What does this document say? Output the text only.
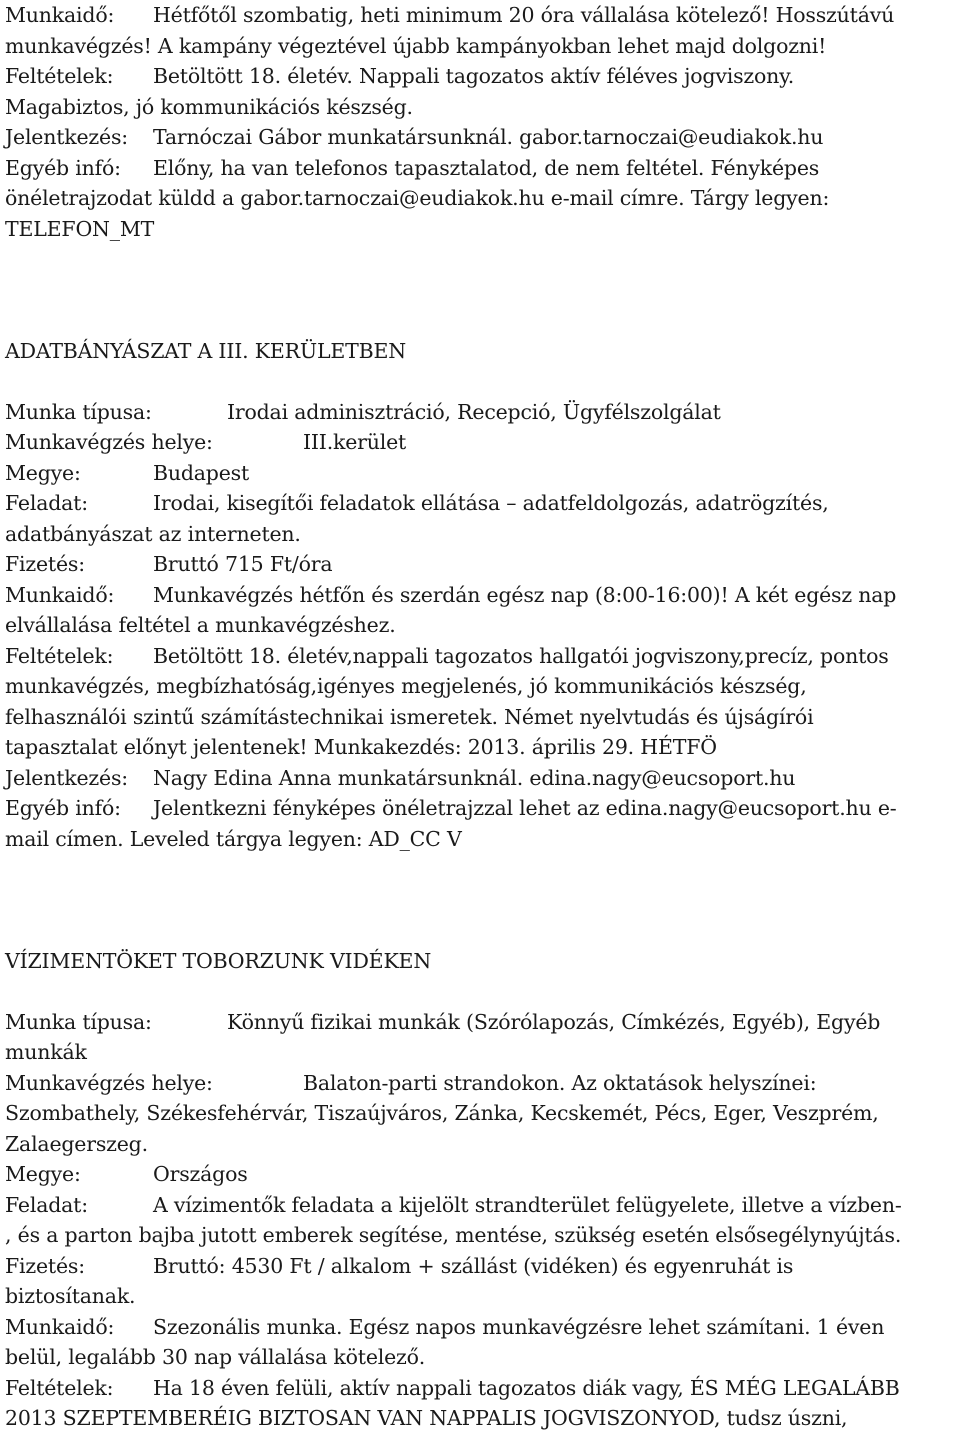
Munkaidő: Hétfőtől szombatig, heti minimum 20 óra vállalása kötelező! Hosszútávú
munkavégzés! A kampány végeztével újabb kampányokban lehet majd dolgozni!
Feltételek: Betöltött 18. életév. Nappali tagozatos aktív féléves jogviszony.
Magabiztos, jó kommunikációs készség.
Jelentkezés: Tarnóczai Gábor munkatársunknál. gabor.tarnoczai@eudiakok.hu
Egyéb infó: Előny, ha van telefonos tapasztalatod, de nem feltétel. Fényképes
önéletrajzodat küldd a gabor.tarnoczai@eudiakok.hu e-mail címre. Tárgy legyen:
TELEFON_MT
ADATBÁNYÁSZAT A III. KERÜLETBEN
Munka típusa:	Irodai adminisztráció, Recepció, Ügyfélszolgálat
Munkavégzés helye:	III.kerület
Megye:	Budapest
Feladat:	Irodai, kisegítői feladatok ellátása – adatfeldolgozás, adatrögzítés,
adatbányászat az interneten.
Fizetés:	Bruttó 715 Ft/óra
Munkaidő: Munkavégzés hétfőn és szerdán egész nap (8:00-16:00)! A két egész nap
elvállalása feltétel a munkavégzéshez.
Feltételek: Betöltött 18. életév,nappali tagozatos hallgatói jogviszony,precíz, pontos
munkavégzés, megbízhatóság,igényes megjelenés, jó kommunikációs készség,
felhasználói szintű számítástechnikai ismeretek. Német nyelvtudás és újságírói
tapasztalat előnyt jelentenek! Munkakezdés: 2013. április 29. HÉTFÖ
Jelentkezés: Nagy Edina Anna munkatársunknál. edina.nagy@eucsoport.hu
Egyéb infó: Jelentkezni fényképes önéletrajzzal lehet az edina.nagy@eucsoport.hu e-
mail címen. Leveled tárgya legyen: AD_CC V
VÍZIMENTÖKET TOBORZUNK VIDÉKEN
Munka típusa:	Könnyű fizikai munkák (Szórólapozás, Címkézés, Egyéb), Egyéb
munkák
Munkavégzés helye:	Balaton-parti strandokon. Az oktatások helyszínei:
Szombathely, Székesfehérvár, Tiszaújváros, Zánka, Kecskemét, Pécs, Eger, Veszprém,
Zalaegerszeg.
Megye:	Országos
Feladat:	A vízimentők feladata a kijelölt strandterület felügyelete, illetve a vízben-
, és a parton bajba jutott emberek segítése, mentése, szükség esetén elsősegélynyújtás.
Fizetés:	Bruttó: 4530 Ft / alkalom + szállást (vidéken) és egyenruhát is
biztosítanak.
Munkaidő: Szezonális munka. Egész napos munkavégzésre lehet számítani. 1 éven
belül, legalább 30 nap vállalása kötelező.
Feltételek: Ha 18 éven felüli, aktív nappali tagozatos diák vagy, ÉS MÉG LEGALÁBB
2013 SZEPTEMBERÉIG BIZTOSAN VAN NAPPALIS JOGVISZONYOD, tudsz úszni,
